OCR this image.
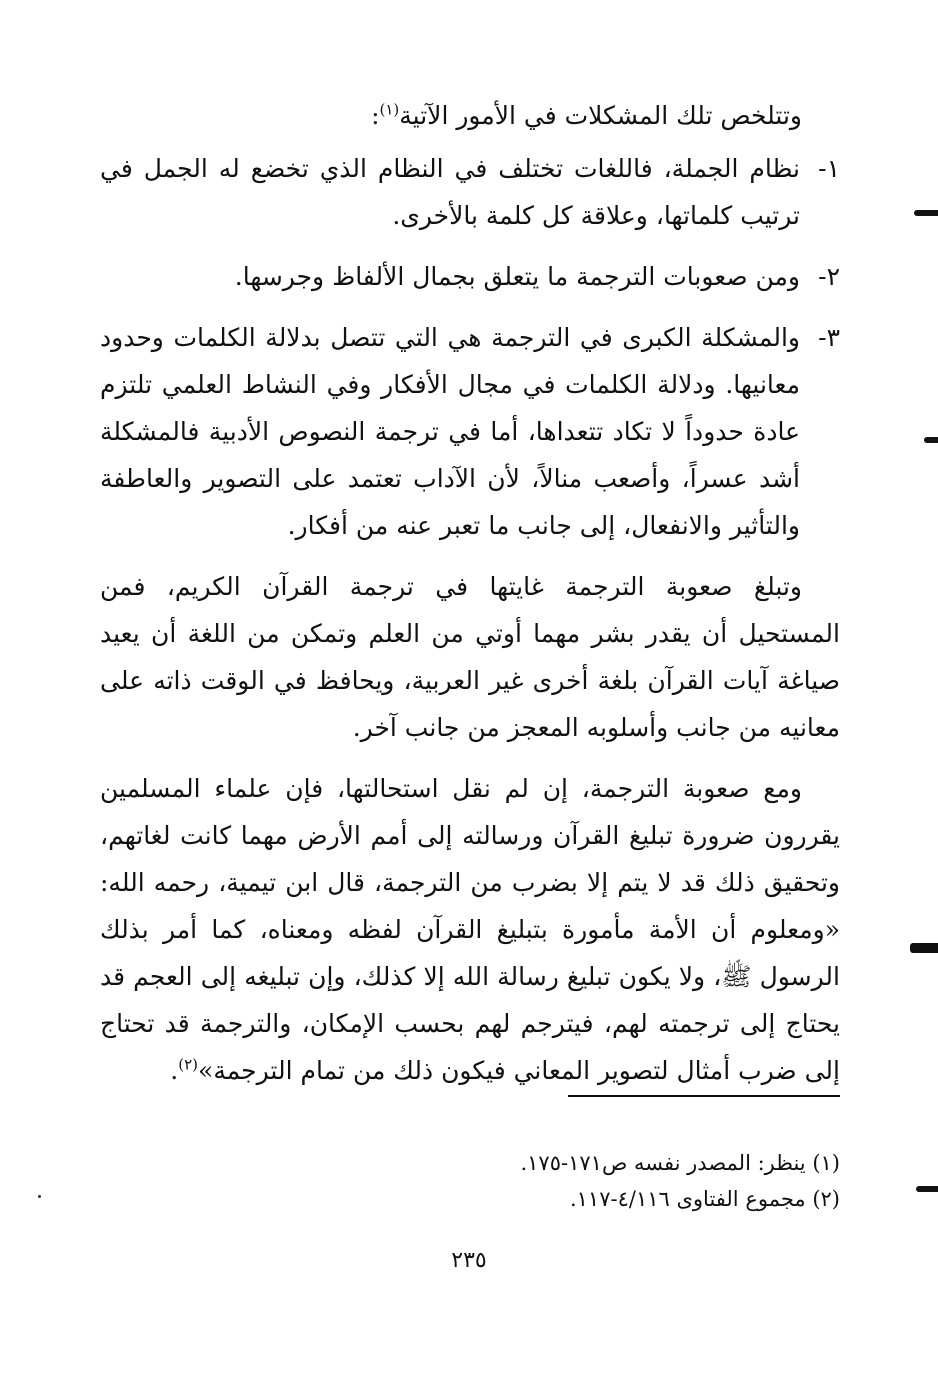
وتتلخص تلك المشكلات في الأمور الآتية$^{(١)}$:

١-
نظام الجملة، فاللغات تختلف في النظام الذي تخضع له الجمل في ترتيب كلماتها، وعلاقة كل كلمة بالأخرى.
٢-
ومن صعوبات الترجمة ما يتعلق بجمال الألفاظ وجرسها.
٣-
والمشكلة الكبرى في الترجمة هي التي تتصل بدلالة الكلمات وحدود معانيها. ودلالة الكلمات في مجال الأفكار وفي النشاط العلمي تلتزم عادة حدوداً لا تكاد تتعداها، أما في ترجمة النصوص الأدبية فالمشكلة أشد عسراً، وأصعب منالاً، لأن الآداب تعتمد على التصوير والعاطفة والتأثير والانفعال، إلى جانب ما تعبر عنه من أفكار.

وتبلغ صعوبة الترجمة غايتها في ترجمة القرآن الكريم، فمن المستحيل أن يقدر بشر مهما أوتي من العلم وتمكن من اللغة أن يعيد صياغة آيات القرآن بلغة أخرى غير العربية، ويحافظ في الوقت ذاته على معانيه من جانب وأسلوبه المعجز من جانب آخر.

ومع صعوبة الترجمة، إن لم نقل استحالتها، فإن علماء المسلمين يقررون ضرورة تبليغ القرآن ورسالته إلى أمم الأرض مهما كانت لغاتهم، وتحقيق ذلك قد لا يتم إلا بضرب من الترجمة، قال ابن تيمية، رحمه الله: «ومعلوم أن الأمة مأمورة بتبليغ القرآن لفظه ومعناه، كما أمر بذلك الرسول ﷺ، ولا يكون تبليغ رسالة الله إلا كذلك، وإن تبليغه إلى العجم قد يحتاج إلى ترجمته لهم، فيترجم لهم بحسب الإمكان، والترجمة قد تحتاج إلى ضرب أمثال لتصوير المعاني فيكون ذلك من تمام الترجمة»$^{(٢)}$.

(١) ينظر: المصدر نفسه ص١٧١-١٧٥.

(٢) مجموع الفتاوى ٤/١١٦-١١٧.

٢٣٥
